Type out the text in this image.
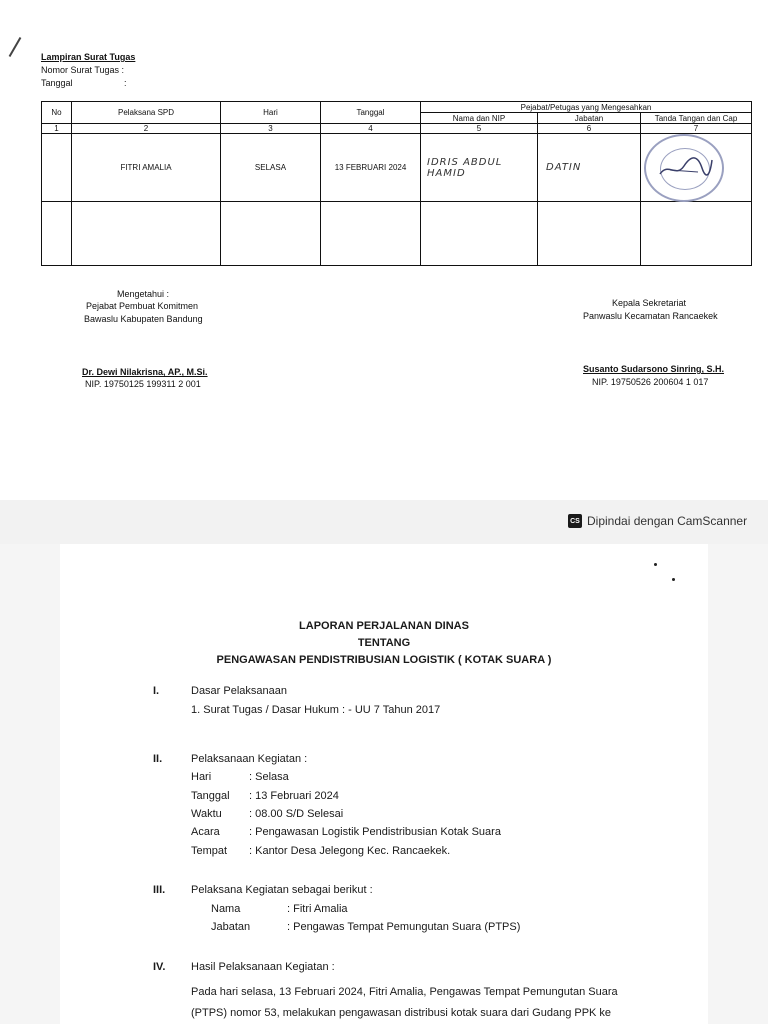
Lampiran Surat Tugas
Nomor Surat Tugas :
Tanggal	:
No	Pelaksana SPD	Hari	Tanggal	Pejabat/Petugas yang Mengesahkan		
				Nama dan NIP	Jabatan	Tanda Tangan dan Cap
1	2	3	4	5	6	7
	FITRI AMALIA	SELASA	13 FEBRUARI 2024	IDRIS ABDUL HAMID	DATIN	

Mengetahui :
Pejabat Pembuat Komitmen
Bawaslu Kabupaten Bandung
Dr. Dewi Nilakrisna, AP., M.Si.
NIP. 19750125 199311 2 001
Kepala Sekretariat
Panwaslu Kecamatan Rancaekek
Susanto Sudarsono Sinring, S.H.
NIP. 19750526 200604 1 017
CS Dipindai dengan CamScanner
LAPORAN PERJALANAN DINAS
TENTANG
PENGAWASAN PENDISTRIBUSIAN LOGISTIK ( KOTAK SUARA )
I.	Dasar Pelaksanaan
1. Surat Tugas / Dasar Hukum : - UU 7 Tahun 2017
II.	Pelaksanaan Kegiatan :
Hari	: Selasa
Tanggal : 13 Februari 2024
Waktu : 08.00 S/D Selesai
Acara	: Pengawasan Logistik Pendistribusian Kotak Suara
Tempat : Kantor Desa Jelegong Kec. Rancaekek.
III. Pelaksana Kegiatan sebagai berikut :
Nama	: Fitri Amalia
Jabatan	: Pengawas Tempat Pemungutan Suara (PTPS)
IV. Hasil Pelaksanaan Kegiatan :
Pada hari selasa, 13 Februari 2024, Fitri Amalia, Pengawas Tempat Pemungutan Suara
(PTPS) nomor 53, melakukan pengawasan distribusi kotak suara dari Gudang PPK ke
